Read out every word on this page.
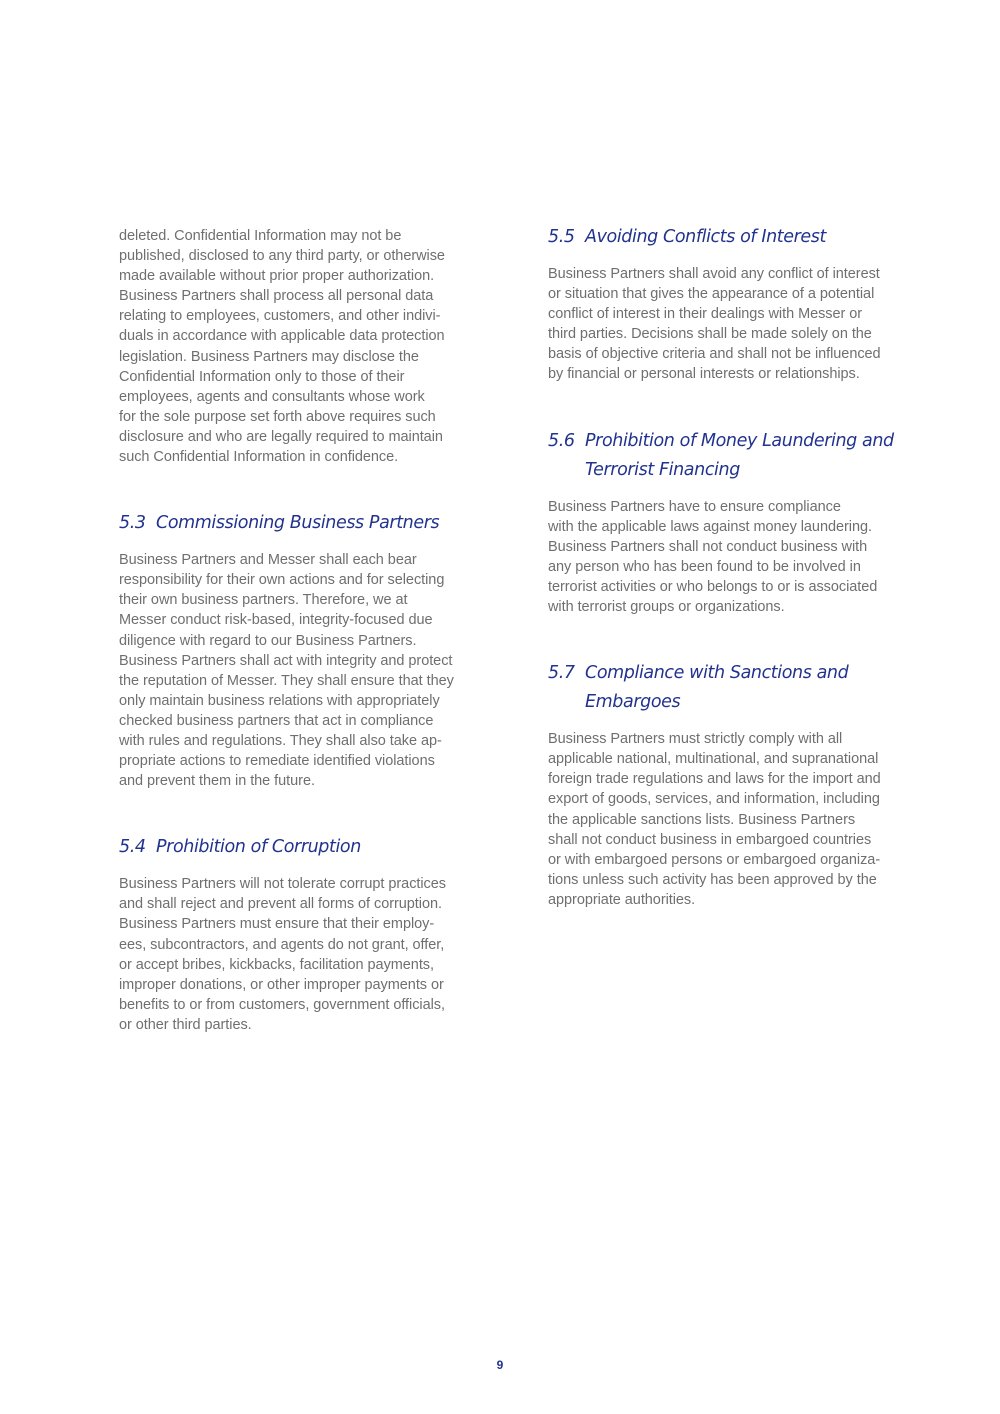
deleted. Confidential Information may not be
published, disclosed to any third party, or otherwise
made available without prior proper authorization.
Business Partners shall process all personal data
relating to employees, customers, and other indivi-
duals in accordance with applicable data protection
legislation. Business Partners may disclose the
Confidential Information only to those of their
employees, agents and consultants whose work
for the sole purpose set forth above requires such
disclosure and who are legally required to maintain
such Confidential Information in confidence.

5.3 Commissioning Business Partners

Business Partners and Messer shall each bear
responsibility for their own actions and for selecting
their own business partners. Therefore, we at
Messer conduct risk-based, integrity-focused due
diligence with regard to our Business Partners.
Business Partners shall act with integrity and protect
the reputation of Messer. They shall ensure that they
only maintain business relations with appropriately
checked business partners that act in compliance
with rules and regulations. They shall also take ap-
propriate actions to remediate identified violations
and prevent them in the future.

5.4 Prohibition of Corruption

Business Partners will not tolerate corrupt practices
and shall reject and prevent all forms of corruption.
Business Partners must ensure that their employ-
ees, subcontractors, and agents do not grant, offer,
or accept bribes, kickbacks, facilitation payments,
improper donations, or other improper payments or
benefits to or from customers, government officials,
or other third parties.

5.5 Avoiding Conflicts of Interest

Business Partners shall avoid any conflict of interest
or situation that gives the appearance of a potential
conflict of interest in their dealings with Messer or
third parties. Decisions shall be made solely on the
basis of objective criteria and shall not be influenced
by financial or personal interests or relationships.

5.6 Prohibition of Money Laundering and
Terrorist Financing

Business Partners have to ensure compliance
with the applicable laws against money laundering.
Business Partners shall not conduct business with
any person who has been found to be involved in
terrorist activities or who belongs to or is associated
with terrorist groups or organizations.

5.7 Compliance with Sanctions and Embargoes

Business Partners must strictly comply with all
applicable national, multinational, and supranational
foreign trade regulations and laws for the import and
export of goods, services, and information, including
the applicable sanctions lists. Business Partners
shall not conduct business in embargoed countries
or with embargoed persons or embargoed organiza-
tions unless such activity has been approved by the
appropriate authorities.

9
